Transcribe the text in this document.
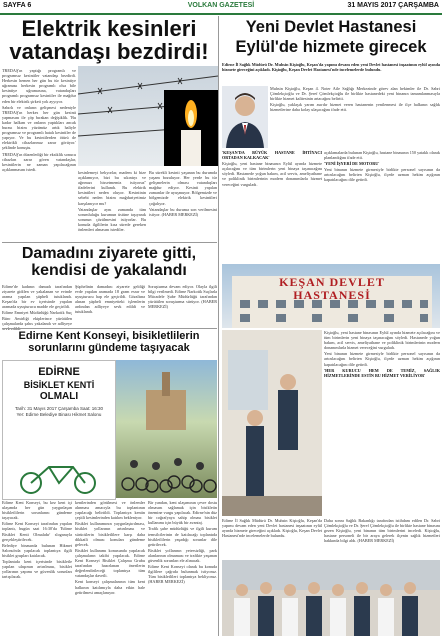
SAYFA 6	VOLKAN GAZETESİ	31 MAYIS 2017 ÇARŞAMBA
Elektrik kesinleri
vatandaşı bezdirdi!

TREDAŞ'ın yaptığı programlı ve programsız kesintiler vatandaşı bezdirdi. Herkesin hemen her gün bu tür kesintiye uğraması herkesin programlı olsa bile kesintiye uğramasına, vatandaşları programlı programsız kesintiler ile mağdur eden bir elektrik şirketi yok ayyıyor.

Sabırlı ve onların gelişmesi nedeniyle TREDAŞ'ın herkes her gün kesinti yapmasını ile çöp bırakan değişiklik. 'Bu kadar halkım ve onların yaptıkları ancak burası bizim yüzümüz artık haliyle programsız ve programlı hatalı kesintiler de yapıyor. Ve bu kesintilerden ötürü de elektrikli cihazlarımız zarar görüyor.' şeklinde konuştu.

TREDAŞ'ın düzenlediği bir eksiklik sonucu cihazları zarar gören vatandaşlar, kesintilerin ne zaman yapılacağının açıklanmasını istedi.

kesinlemeyi bekyorlar, madem ki bize açıklamıyor, bizi bu sıkıntıyı ve ağrımızı hissetmemiz istiyoruz'' ifadelerini kullandı. Bu elektrik kesintileri neden oluyor. Kesintinin sebebi neden bizim mağduriyetimiz karşılanıyor mu?

Vatandaşlar aynı zamanda tüm sorumluluğu kurumun üstüne taşıyarak sorunun çözülmesini istiyorlar. Bu konuda ilgililerin kısa sürede gereken önlemleri almasını istediler.

Bu sürekli kesinti yaşanan bu durumda yaşam bozuluyor. Her yerde bu tür gelişmelerin olması vatandaşları mağdur ediyor. Kesinti yapılan zamanlar ile uyuşmuyor. Bölgemizde ve bölgemizde elektrik kesintileri çoğalıyor.

Vatandaşlar bu duruma son verilmesini istiyor. (HABER MERKEZİ)

Damadını ziyarete gitti,
kendisi de yakalandı

Edirne'de kadının damadı tarafından ziyarete gidilen ve yakalanan ve evinde arama yapılan şüpheli tutuklandı. Keşan'da bir ev içerisinde yapılan aramada uyuşturucu madde ele geçirildi.

Edirne Emniyet Müdürlüğü Narkotik Suç Büro Amirliği ekiplerince yürütülen çalışmalarda şahıs yakalandı ve adliyeye

Şüphelinin damadını ziyarete geldiği evde yapılan aramada 18 gram esrar ve uyuşturucu hap ele geçirildi. Gözaltına alınan şüpheli emniyetteki işlemlerin ardından adliyeye sevk edildi ve tutuklandı.

Soruşturma devam ediyor. Olayla ilgili bilgi verilmedi. Edirne Narkotik Suçlarla Mücadele Şube Müdürlüğü tarafından yürütülen soruşturma sürüyor. (HABER MERKEZİ)

Edirne Kent Konseyi, bisikletlilerin
sorunlarını gündeme taşıyacak
EDİRNE
BİSİKLET KENTİ
OLMALI
Tarih: 31 Mayıs 2017 Çarşamba Saat: 16:30 Yer: Edirne Belediye Binası Hikmet Salonu

Edirne Kent Konseyi, bu kez kent içi ulaşımda her gün yaygınlaşan bisikletlilerin sorunlarını gündeme taşıyacak.

Edirne Kent Konseyi tarafından yapılan toplantı, bugün saat 16:30'da 'Edirne Bisiklet Kenti Olmalıdır' sloganıyla gerçekleştirilecek.

Belediye binasında bulunan Hikmet Salonu'nda yapılacak toplantıya ilgili bisiklet grupları katılacak.

Toplantıda kent içerisinde bisikletle yapılan ulaşımın artırılması, bisiklet yollarının yapımı ve güvenlik sorunları tartışılacak.

kentlerinden görülmesi ve önlemler alınması amacıyla bu toplantının yapılacağı belirtildi. Toplantıya kentin çeşitli kesimlerinden katılım bekleniyor.

Bisiklet kullanımının yaygınlaştırılması, bisiklet yollarının artırılması ve sürücülerin bisikletlilere karşı daha dikkatli olması konuları gündeme gelecek.

Bisiklet kullanımı konusunda yapılacak çalışmaların takibi yapılacak. Edirne Kent Konseyi Bisiklet Çalışma Grubu tarafından hazırlanan önerilerin değerlendirileceği toplantıya tüm vatandaşlar davetli.

Kent konseyi çalışmalarının tüm kent halkının katılımıyla daha etkin hale getirilmesi amaçlanıyor.

Bir yandan, kent ulaşımının çevre dostu olmasını sağlamak için bisikletin önemine vurgu yapılacak. Edirne'nin düz bir coğrafyaya sahip olması bisiklet kullanımı için büyük bir avantaj.

Trafik şube müdürlüğü ve ilgili kurum temsilcilerinin de katılacağı toplantıda bisikletlilerin yaşadığı sorunlar dile getirilecek.

Bisiklet yollarının yetersizliği, park alanlarının olmaması ve trafikte yaşanan güvenlik sorunları ele alınacak.

Edirne Kent Konseyi olarak bu konuda ilgililere çağrıda bulunmak istiyoruz. Tüm bisikletlileri toplantıya bekliyoruz. (HABER MERKEZİ)

Yeni Devlet Hastanesi
Eylül'de hizmete girecek
Edirne İl Sağlık Müdürü Dr. Muhsin Kişioğlu, Keşan'da yapımı devam eden yeni Devlet hastanesi inşaatının eylül ayında hizmete gireceğini açıkladı. Kişioğlu, Keşan Devlet Hastanesi'nde incelemelerde bulundu.

Muhsin Kişioğlu, Keşan 4. Noter Aile Sağlığı Merkezinde görev alan hekimler ile Dr. Sabri Çömlekçioğlu ve Dr. Şeref Çömlekçioğlu ile birlikte hastanedeki yeni binanın tamamlanmasıyla birlikte hizmet kalitesinin artacağını belirtti.

Kişioğlu, yaklaşık yarım asırdır hizmet veren hastanenin yenilenmesi ile ilçe halkının sağlık hizmetlerine daha kolay ulaşacağını ifade etti.

'KEŞAN'DA BÜYÜK HASTANE İHTİYACI ORTADAN KALKACAK'

Kişioğlu, yeni hastane binasının Eylül ayında hizmete açılacağını ve tüm birimlerin yeni binaya taşınacağını söyledi. Hastanede yoğun bakım, acil servis, ameliyathane ve poliklinik birimlerinin modern donanımlarla hizmet vereceğini vurguladı.

KEŞAN DEVLET HASTANESİ

açıklamalarda bulunan Kişioğlu, hastane binasının 150 yataklı olarak planlandığını ifade etti.

'YENİ İŞYERİ DE MOTORU'

Yeni binanın hizmete girmesiyle birlikte personel sayısının da artırılacağını belirten Kişioğlu, ilçede uzman hekim açığının kapatılacağını dile getirdi.

Kişioğlu, yeni hastane binasının Eylül ayında hizmete açılacağını ve tüm birimlerin yeni binaya taşınacağını söyledi. Hastanede yoğun bakım, acil servis, ameliyathane ve poliklinik birimlerinin modern donanımlarla hizmet vereceğini vurguladı.

Yeni binanın hizmete girmesiyle birlikte personel sayısının da artırılacağını belirten Kişioğlu, ilçede uzman hekim açığının kapatılacağını dile getirdi.

'HER KURUCU HEM DE TEMİZ, SAĞLIK HİZMETLERİNDE ESTİN BU HİZMET VERİLİYOR'

Daha sonra Sağlık Bakanlığı tarafından istihdam edilen Dr. Sabri Çömlekçioğlu ve Dr. Şeref Çömlekçioğlu ile birlikte hastane binasını gezen Kişioğlu, yeni binanın tüm birimlerini inceledi. Kişioğlu, hastane personeli ile bir araya gelerek ilçenin sağlık hizmetleri hakkında bilgi aldı. (HABER MERKEZİ)

Edirne İl Sağlık Müdürü Dr. Muhsin Kişioğlu, Keşan'da yapımı devam eden yeni Devlet hastanesi inşaatının eylül ayında hizmete gireceğini açıkladı. Kişioğlu, Keşan Devlet Hastanesi'nde incelemelerde bulundu.
